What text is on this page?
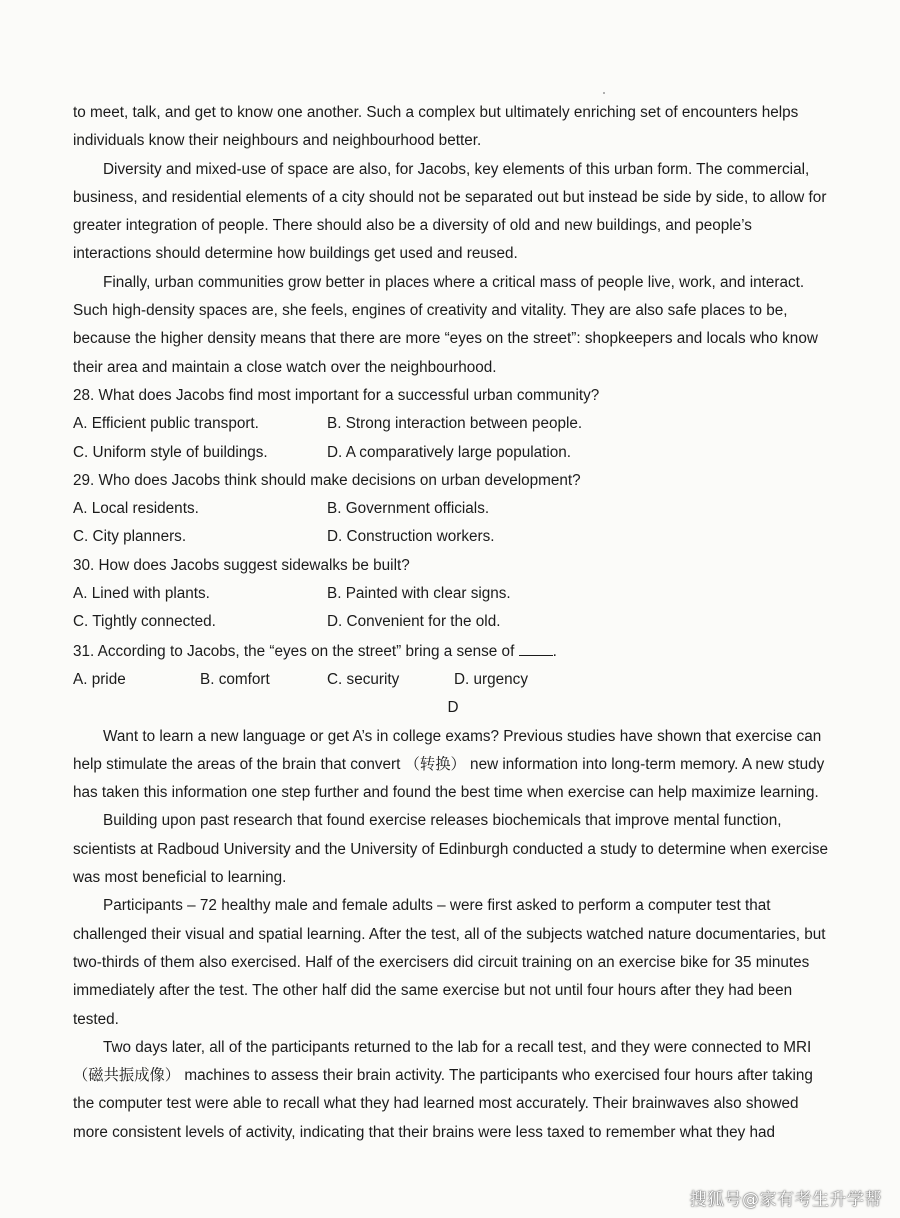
to meet, talk, and get to know one another. Such a complex but ultimately enriching set of encounters helps individuals know their neighbours and neighbourhood better.

Diversity and mixed-use of space are also, for Jacobs, key elements of this urban form. The commercial, business, and residential elements of a city should not be separated out but instead be side by side, to allow for greater integration of people. There should also be a diversity of old and new buildings, and people’s interactions should determine how buildings get used and reused.

Finally, urban communities grow better in places where a critical mass of people live, work, and interact. Such high-density spaces are, she feels, engines of creativity and vitality. They are also safe places to be, because the higher density means that there are more “eyes on the street”: shopkeepers and locals who know their area and maintain a close watch over the neighbourhood.

28. What does Jacobs find most important for a successful urban community?

A. Efficient public transport.	B. Strong interaction between people.
C. Uniform style of buildings.	D. A comparatively large population.

29. Who does Jacobs think should make decisions on urban development?

A. Local residents.	B. Government officials.
C. City planners.	D. Construction workers.

30. How does Jacobs suggest sidewalks be built?

A. Lined with plants.	B. Painted with clear signs.
C. Tightly connected.	D. Convenient for the old.

31. According to Jacobs, the “eyes on the street” bring a sense of	.

A. pride	B. comfort	C. security	D. urgency

D

Want to learn a new language or get A’s in college exams? Previous studies have shown that exercise can help stimulate the areas of the brain that convert （转换） new information into long-term memory. A new study has taken this information one step further and found the best time when exercise can help maximize learning.

Building upon past research that found exercise releases biochemicals that improve mental function, scientists at Radboud University and the University of Edinburgh conducted a study to determine when exercise was most beneficial to learning.

Participants – 72 healthy male and female adults – were first asked to perform a computer test that challenged their visual and spatial learning. After the test, all of the subjects watched nature documentaries, but two-thirds of them also exercised. Half of the exercisers did circuit training on an exercise bike for 35 minutes immediately after the test. The other half did the same exercise but not until four hours after they had been tested.

Two days later, all of the participants returned to the lab for a recall test, and they were connected to MRI （磁共振成像） machines to assess their brain activity. The participants who exercised four hours after taking the computer test were able to recall what they had learned most accurately. Their brainwaves also showed more consistent levels of activity, indicating that their brains were less taxed to remember what they had

搜狐号@家有考生升学帮
